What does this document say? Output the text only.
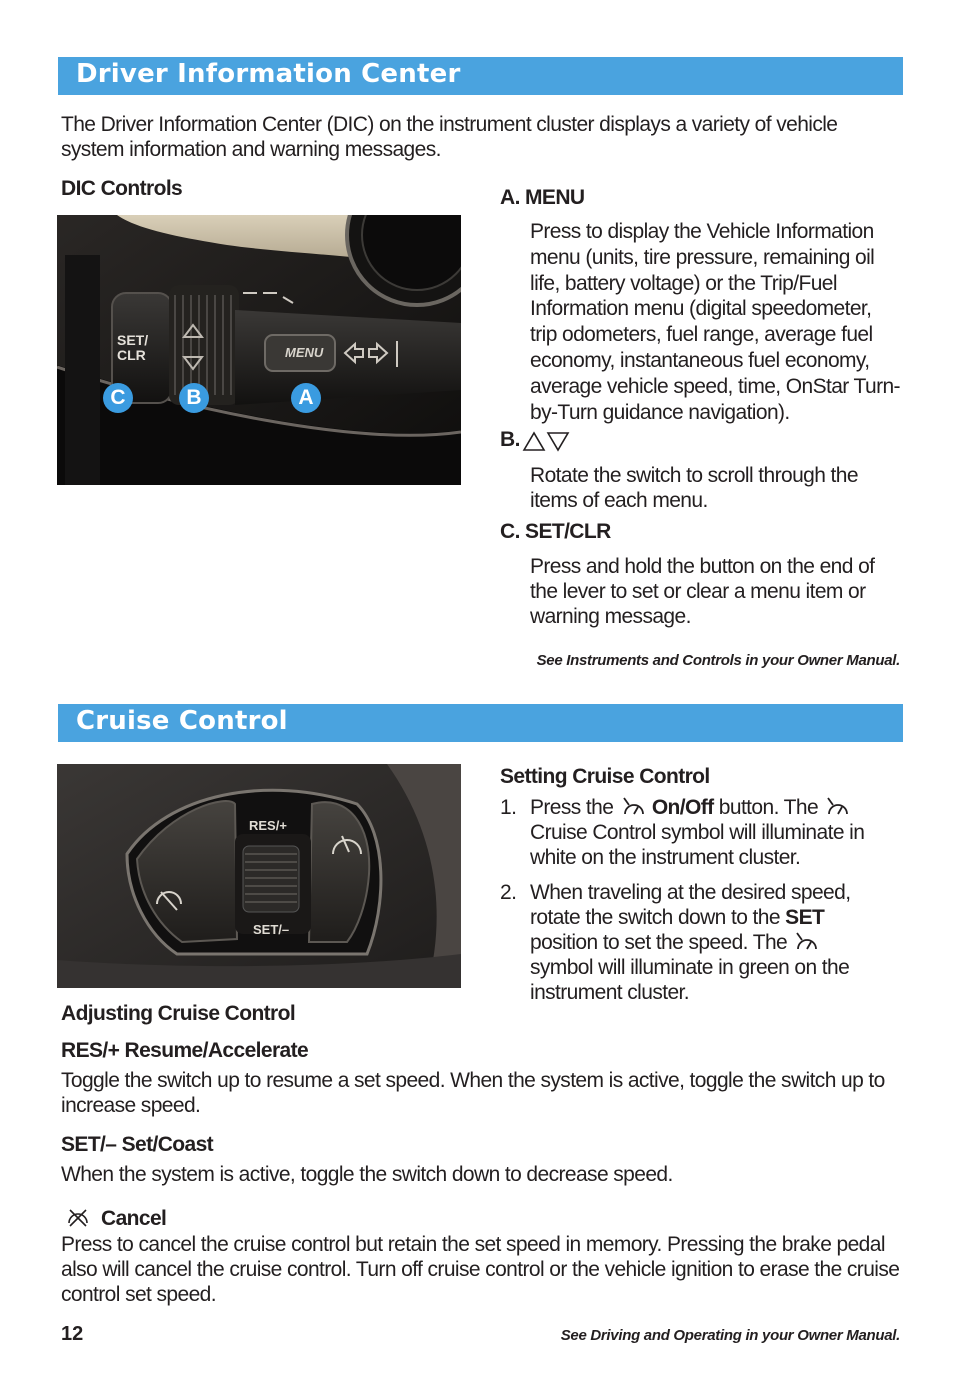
Driver Information Center
The Driver Information Center (DIC) on the instrument cluster displays a variety of vehicle system information and warning messages.
DIC Controls
SET/
CLR	MENU
C	B	A
A. MENU
Press to display the Vehicle Information menu (units, tire pressure, remaining oil life, battery voltage) or the Trip/Fuel Information menu (digital speedometer, trip odometers, fuel range, average fuel economy, instantaneous fuel economy, average vehicle speed, time, OnStar Turn-by-Turn guidance navigation).
B.
Rotate the switch to scroll through the items of each menu.
C. SET/CLR
Press and hold the button on the end of the lever to set or clear a menu item or warning message.
See Instruments and Controls in your Owner Manual.
Cruise Control
RES/+
SET/–
Setting Cruise Control
1. Press the On/Off button. The  Cruise Control symbol will illuminate in white on the instrument cluster.
2. When traveling at the desired speed, rotate the switch down to the SET position to set the speed. The  symbol will illuminate in green on the instrument cluster.
Adjusting Cruise Control
RES/+ Resume/Accelerate
Toggle the switch up to resume a set speed. When the system is active, toggle the switch up to increase speed.
SET/– Set/Coast
When the system is active, toggle the switch down to decrease speed.
Cancel
Press to cancel the cruise control but retain the set speed in memory. Pressing the brake pedal also will cancel the cruise control. Turn off cruise control or the vehicle ignition to erase the cruise control set speed.
12	See Driving and Operating in your Owner Manual.
